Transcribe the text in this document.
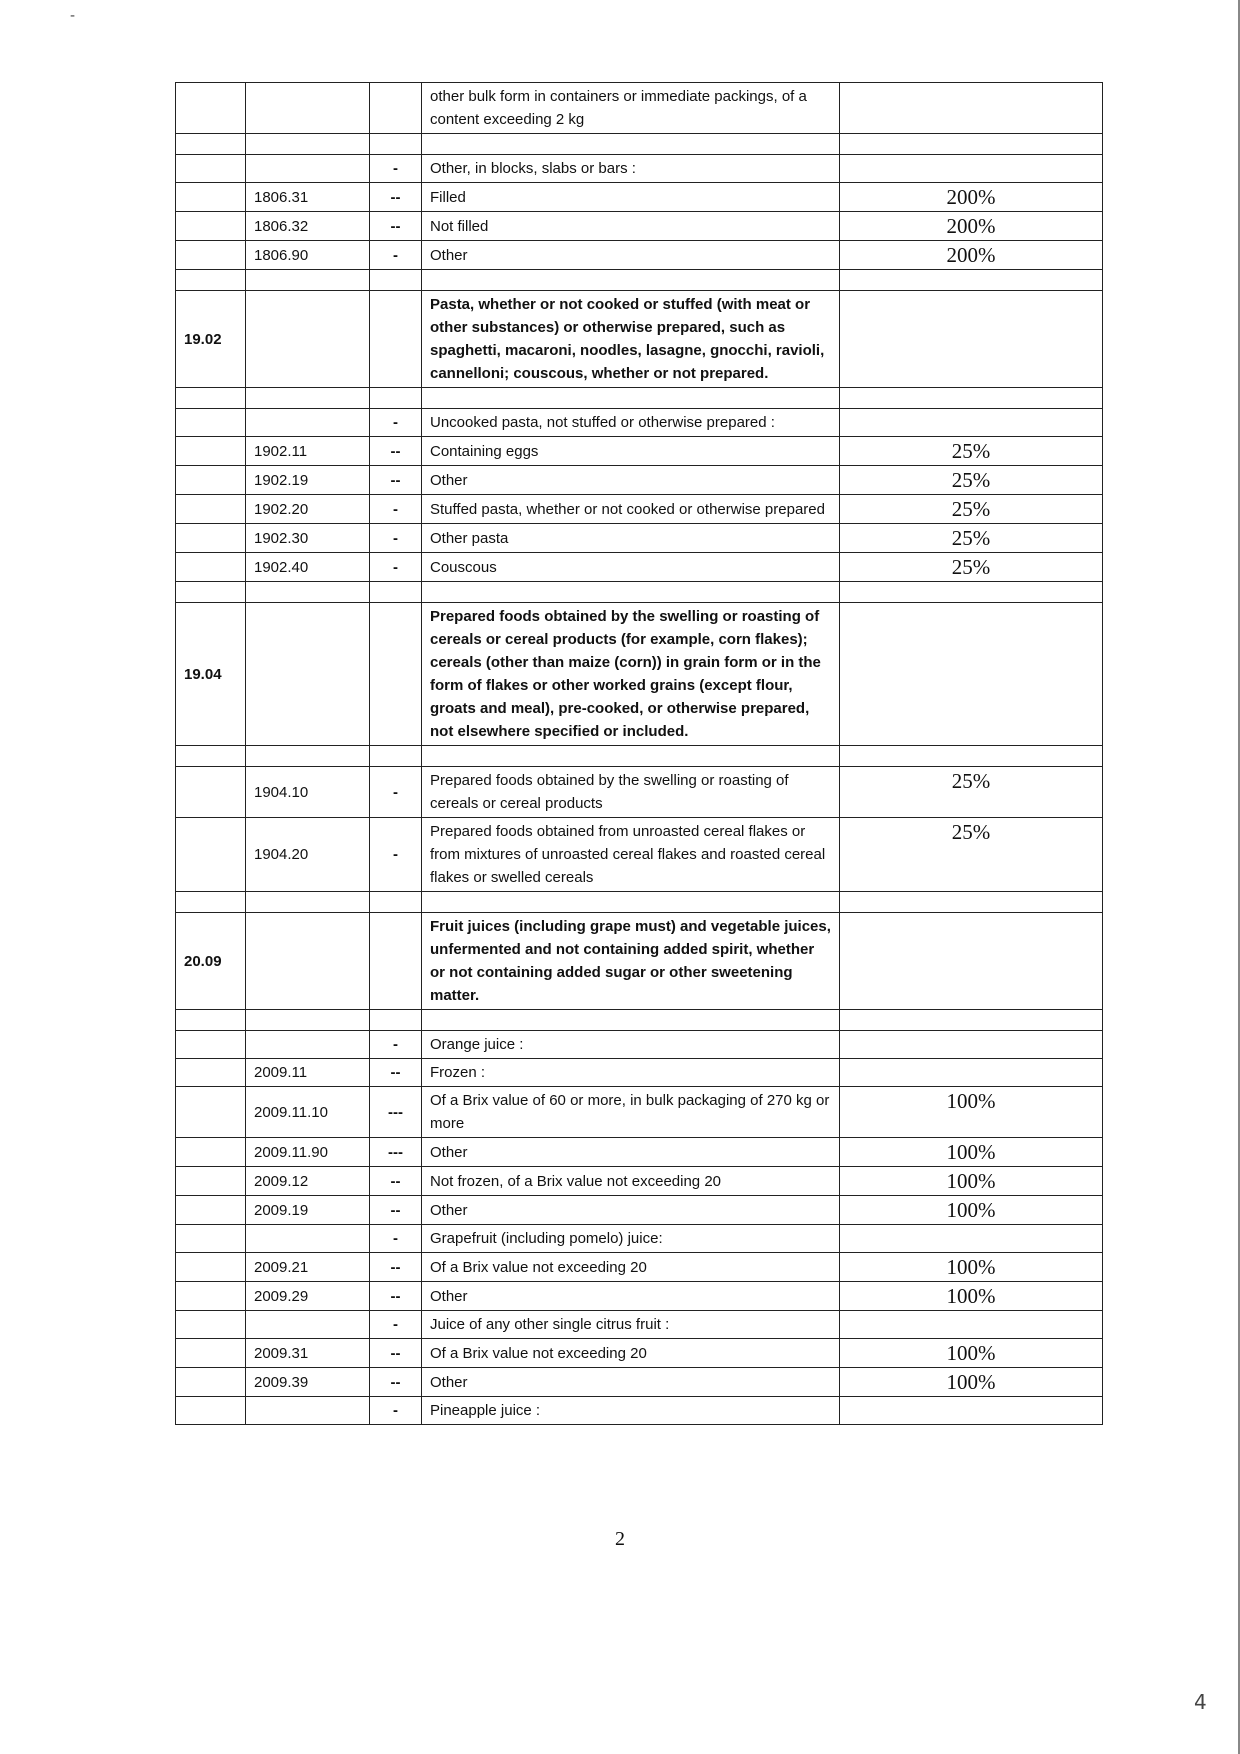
-
			other bulk form in containers or immediate packings, of a content exceeding 2 kg	

		-	Other, in blocks, slabs or bars :	
	1806.31	--	Filled	200%
	1806.32	--	Not filled	200%
	1806.90	-	Other	200%

19.02			Pasta, whether or not cooked or stuffed (with meat or other substances) or otherwise prepared, such as spaghetti, macaroni, noodles, lasagne, gnocchi, ravioli, cannelloni; couscous, whether or not prepared.	

		-	Uncooked pasta, not stuffed or otherwise prepared :	
	1902.11	--	Containing eggs	25%
	1902.19	--	Other	25%
	1902.20	-	Stuffed pasta, whether or not cooked or otherwise prepared	25%
	1902.30	-	Other pasta	25%
	1902.40	-	Couscous	25%

19.04			Prepared foods obtained by the swelling or roasting of cereals or cereal products (for example, corn flakes); cereals (other than maize (corn)) in grain form or in the form of flakes or other worked grains (except flour, groats and meal), pre-cooked, or otherwise prepared, not elsewhere specified or included.	

	1904.10	-	Prepared foods obtained by the swelling or roasting of cereals or cereal products	25%
	1904.20	-	Prepared foods obtained from unroasted cereal flakes or from mixtures of unroasted cereal flakes and roasted cereal flakes or swelled cereals	25%

20.09			Fruit juices (including grape must) and vegetable juices, unfermented and not containing added spirit, whether or not containing added sugar or other sweetening matter.	

		-	Orange juice :	
	2009.11	--	Frozen :	
	2009.11.10	---	Of a Brix value of 60 or more, in bulk packaging of 270 kg or more	100%
	2009.11.90	---	Other	100%
	2009.12	--	Not frozen, of a Brix value not exceeding 20	100%
	2009.19	--	Other	100%
		-	Grapefruit (including pomelo) juice:	
	2009.21	--	Of a Brix value not exceeding 20	100%
	2009.29	--	Other	100%
		-	Juice of any other single citrus fruit :	
	2009.31	--	Of a Brix value not exceeding 20	100%
	2009.39	--	Other	100%
		-	Pineapple juice :	
2
4
